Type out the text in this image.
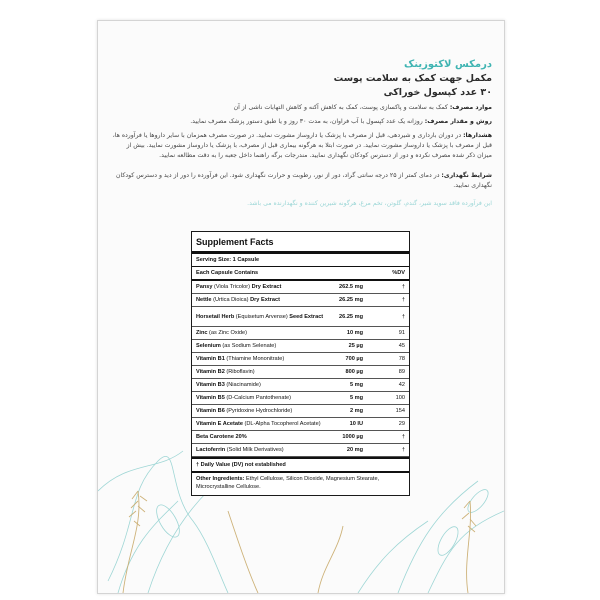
درمکس لاکتوزینک
مکمل جهت کمک به سلامت پوست
۳۰ عدد کپسول خوراکی
موارد مصرف: کمک به سلامت و پاکسازی پوست، کمک به کاهش آکنه و کاهش التهابات ناشی از آن
روش و مقدار مصرف: روزانه یک عدد کپسول با آب فراوان، به مدت ۳۰ روز و یا طبق دستور پزشک مصرف نمایید.
هشدارها: در دوران بارداری و شیردهی، قبل از مصرف با پزشک یا داروساز مشورت نمایید. در صورت مصرف همزمان با سایر داروها یا فرآورده ها، قبل از مصرف با پزشک یا داروساز مشورت نمایید. در صورت ابتلا به هرگونه بیماری قبل از مصرف، با پزشک یا داروساز مشورت نمایید. بیش از میزان ذکر شده مصرف نکرده و دور از دسترس کودکان نگهداری نمایید. مندرجات برگه راهنما داخل جعبه را به دقت مطالعه نمایید.
شرایط نگهداری: در دمای کمتر از ۲۵ درجه سانتی گراد، دور از نور، رطوبت و حرارت نگهداری شود. این فرآورده را دور از دید و دسترس کودکان نگهداری نمایید.
این فرآورده فاقد سوید شیر، گندم، گلوتن، تخم مرغ، هرگونه شیرین کننده و نگهدارنده می باشد.
Supplement Facts
Serving Size: 1 Capsule
Each Capsule Contains	%DV
Pansy (Viola Tricolor) Dry Extract	262.5 mg	†
Nettle (Urtica Dioica) Dry Extract	26.25 mg	†
Horsetail Herb (Equisetum Arvense) Seed Extract	26.25 mg	†
Zinc (as Zinc Oxide)	10 mg	91
Selenium (as Sodium Selenate)	25 µg	45
Vitamin B1 (Thiamine Mononitrate)	700 µg	78
Vitamin B2 (Riboflavin)	800 µg	89
Vitamin B3 (Niacinamide)	5 mg	42
Vitamin B5 (D-Calcium Pantothenate)	5 mg	100
Vitamin B6 (Pyridoxine Hydrochloride)	2 mg	154
Vitamin E Acetate (DL-Alpha Tocopherol Acetate)	10 IU	29
Beta Carotene 20%	1000 µg	†
Lactoferrin (Solid Milk Derivatives)	20 mg	†
† Daily Value (DV) not established
Other Ingredients: Ethyl Cellulose, Silicon Dioxide, Magnesium Stearate, Microcrystalline Cellulose.
